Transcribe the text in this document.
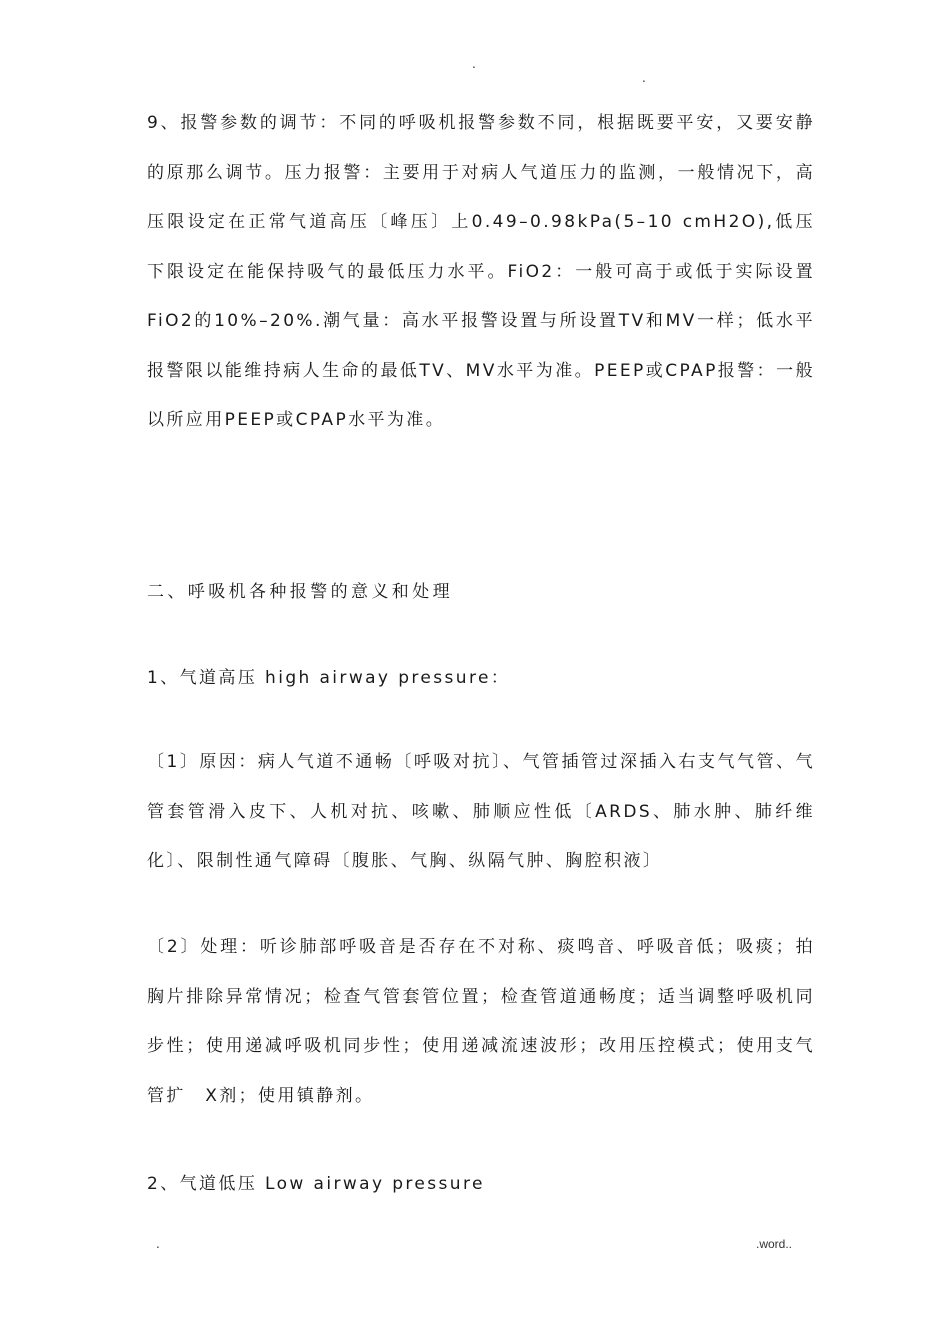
.
.

9、报警参数的调节：不同的呼吸机报警参数不同，根据既要平安，又要安静的原那么调节。压力报警：主要用于对病人气道压力的监测，一般情况下，高压限设定在正常气道高压〔峰压〕上0.49–0.98kPa(5–10 cmH2O),低压下限设定在能保持吸气的最低压力水平。FiO2：一般可高于或低于实际设置FiO2的10%–20%.潮气量：高水平报警设置与所设置TV和MV一样；低水平报警限以能维持病人生命的最低TV、MV水平为准。PEEP或CPAP报警：一般以所应用PEEP或CPAP水平为准。

二、呼吸机各种报警的意义和处理

1、气道高压 high airway pressure：

〔1〕原因：病人气道不通畅〔呼吸对抗〕、气管插管过深插入右支气气管、气管套管滑入皮下、人机对抗、咳嗽、肺顺应性低〔ARDS、肺水肿、肺纤维化〕、限制性通气障碍〔腹胀、气胸、纵隔气肿、胸腔积液〕

〔2〕处理：听诊肺部呼吸音是否存在不对称、痰鸣音、呼吸音低；吸痰；拍胸片排除异常情况；检查气管套管位置；检查管道通畅度；适当调整呼吸机同步性；使用递减呼吸机同步性；使用递减流速波形；改用压控模式；使用支气管扩　X剂；使用镇静剂。

2、气道低压 Low airway pressure

.	.word..
